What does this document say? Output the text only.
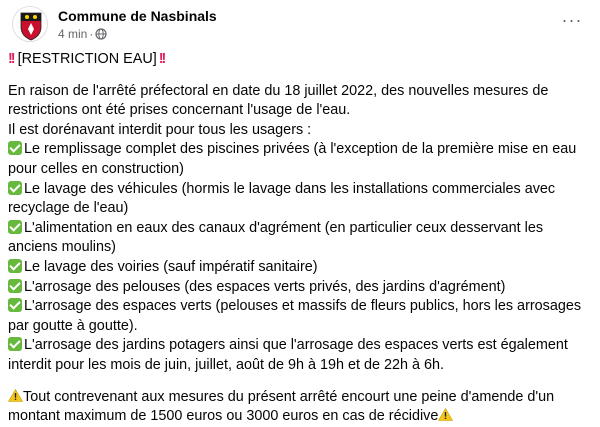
Commune de Nasbinals
4 min ·
···
!! [RESTRICTION EAU] !!
En raison de l'arrêté préfectoral en date du 18 juillet 2022, des nouvelles mesures de restrictions ont été prises concernant l'usage de l'eau.
Il est dorénavant interdit pour tous les usagers :
Le remplissage complet des piscines privées (à l'exception de la première mise en eau pour celles en construction)
Le lavage des véhicules (hormis le lavage dans les installations commerciales avec recyclage de l'eau)
L'alimentation en eaux des canaux d'agrément (en particulier ceux desservant les anciens moulins)
Le lavage des voiries (sauf impératif sanitaire)
L'arrosage des pelouses (des espaces verts privés, des jardins d'agrément)
L'arrosage des espaces verts (pelouses et massifs de fleurs publics, hors les arrosages par goutte à goutte).
L'arrosage des jardins potagers ainsi que l'arrosage des espaces verts est également interdit pour les mois de juin, juillet, août de 9h à 19h et de 22h à 6h.
Tout contrevenant aux mesures du présent arrêté encourt une peine d'amende d'un montant maximum de 1500 euros ou 3000 euros en cas de récidive
